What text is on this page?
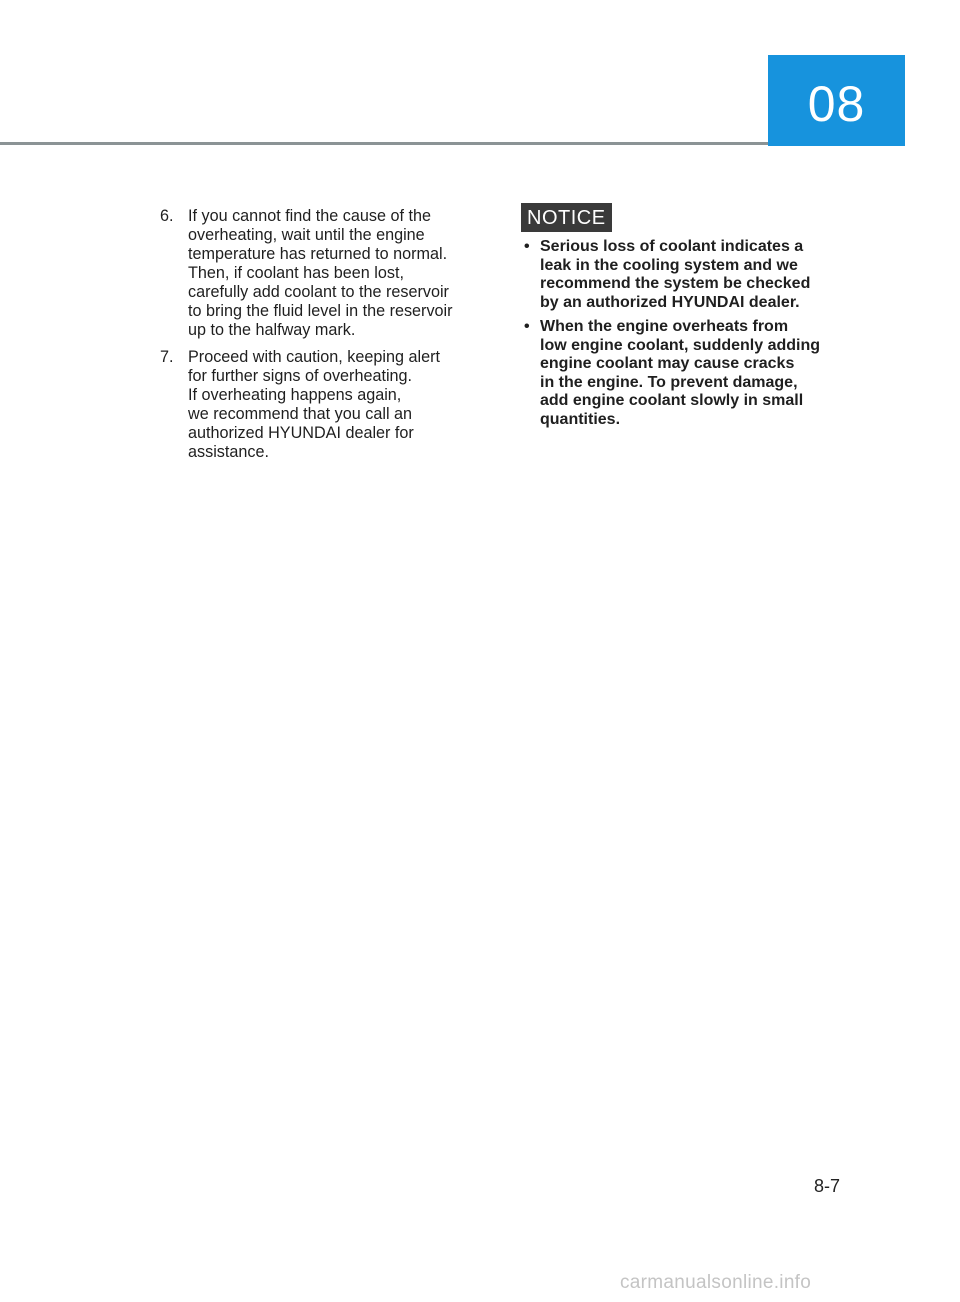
08
6. If you cannot find the cause of the
overheating, wait until the engine
temperature has returned to normal.
Then, if coolant has been lost,
carefully add coolant to the reservoir
to bring the fluid level in the reservoir
up to the halfway mark.
7. Proceed with caution, keeping alert
for further signs of overheating.
If overheating happens again,
we recommend that you call an
authorized HYUNDAI dealer for
assistance.
NOTICE
• Serious loss of coolant indicates a
leak in the cooling system and we
recommend the system be checked
by an authorized HYUNDAI dealer.
• When the engine overheats from
low engine coolant, suddenly adding
engine coolant may cause cracks
in the engine. To prevent damage,
add engine coolant slowly in small
quantities.
8-7
carmanualsonline.info
